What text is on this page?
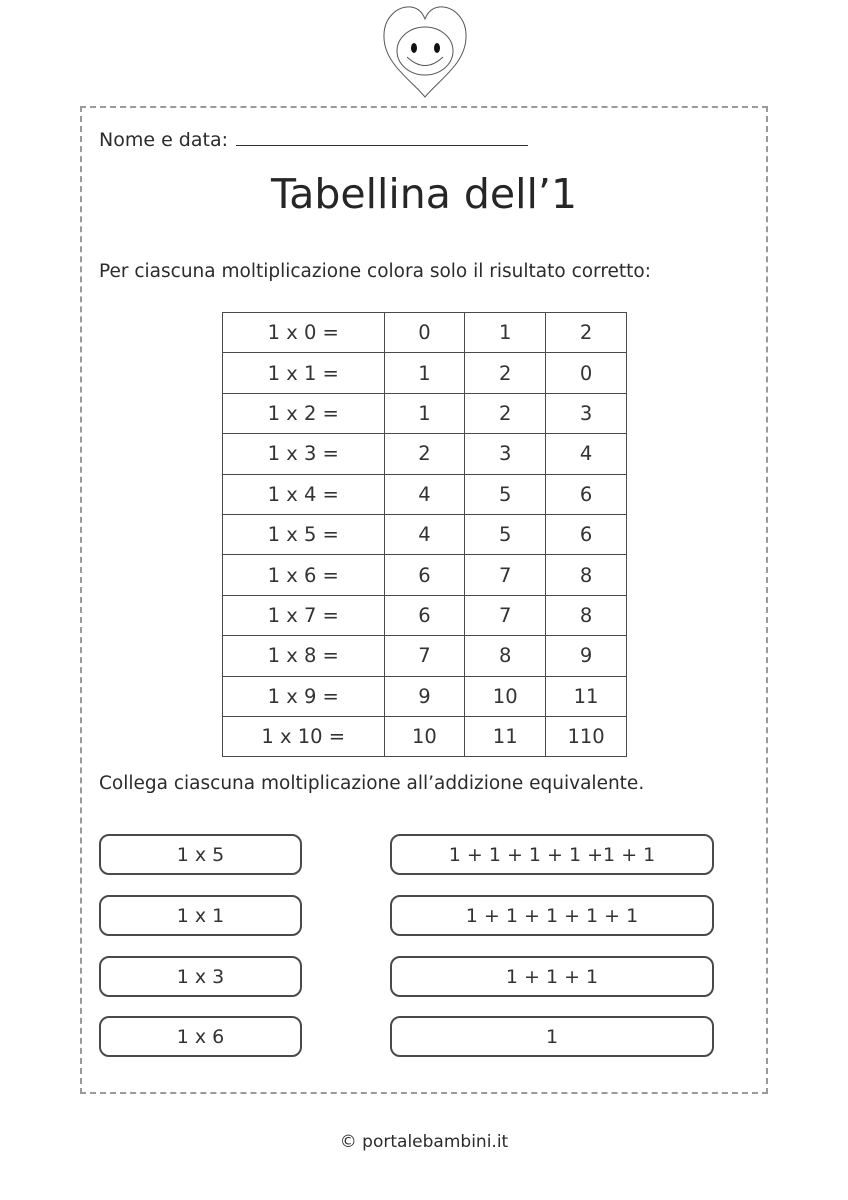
Nome e data:
Tabellina dell’1
Per ciascuna moltiplicazione colora solo il risultato corretto:
1 x 0 =	0	1	2
1 x 1 =	1	2	0
1 x 2 =	1	2	3
1 x 3 =	2	3	4
1 x 4 =	4	5	6
1 x 5 =	4	5	6
1 x 6 =	6	7	8
1 x 7 =	6	7	8
1 x 8 =	7	8	9
1 x 9 =	9	10	11
1 x 10 =	10	11	110
Collega ciascuna moltiplicazione all’addizione equivalente.
1 x 5
1 x 1
1 x 3
1 x 6
1 + 1 + 1 + 1 +1 + 1
1 + 1 + 1 + 1 + 1
1 + 1 + 1
1
© portalebambini.it
